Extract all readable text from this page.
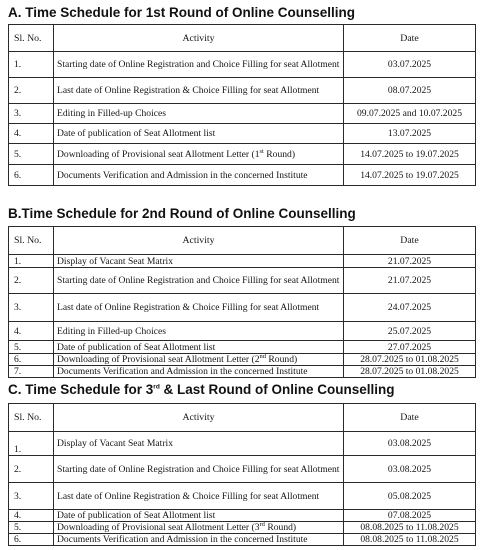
A. Time Schedule for 1st Round of Online Counselling
Sl. No.	Activity	Date
1.	Starting date of Online Registration and Choice Filling for seat Allotment	03.07.2025
2.	Last date of Online Registration & Choice Filling for seat Allotment	08.07.2025
3.	Editing in Filled-up Choices	09.07.2025 and 10.07.2025
4.	Date of publication of Seat Allotment list	13.07.2025
5.	Downloading of Provisional seat Allotment Letter (1st Round)	14.07.2025 to 19.07.2025
6.	Documents Verification and Admission in the concerned Institute	14.07.2025 to 19.07.2025
B.Time Schedule for 2nd Round of Online Counselling
Sl. No.	Activity	Date
1.	Display of Vacant Seat Matrix	21.07.2025
2.	Starting date of Online Registration and Choice Filling for seat Allotment	21.07.2025
3.	Last date of Online Registration & Choice Filling for seat Allotment	24.07.2025
4.	Editing in Filled-up Choices	25.07.2025
5.	Date of publication of Seat Allotment list	27.07.2025
6.	Downloading of Provisional seat Allotment Letter (2nd Round)	28.07.2025 to 01.08.2025
7.	Documents Verification and Admission in the concerned Institute	28.07.2025 to 01.08.2025
C. Time Schedule for 3rd & Last Round of Online Counselling
Sl. No.	Activity	Date
1.	Display of Vacant Seat Matrix	03.08.2025
2.	Starting date of Online Registration and Choice Filling for seat Allotment	03.08.2025
3.	Last date of Online Registration & Choice Filling for seat Allotment	05.08.2025
4.	Date of publication of Seat Allotment list	07.08.2025
5.	Downloading of Provisional seat Allotment Letter (3rd Round)	08.08.2025 to 11.08.2025
6.	Documents Verification and Admission in the concerned Institute	08.08.2025 to 11.08.2025
